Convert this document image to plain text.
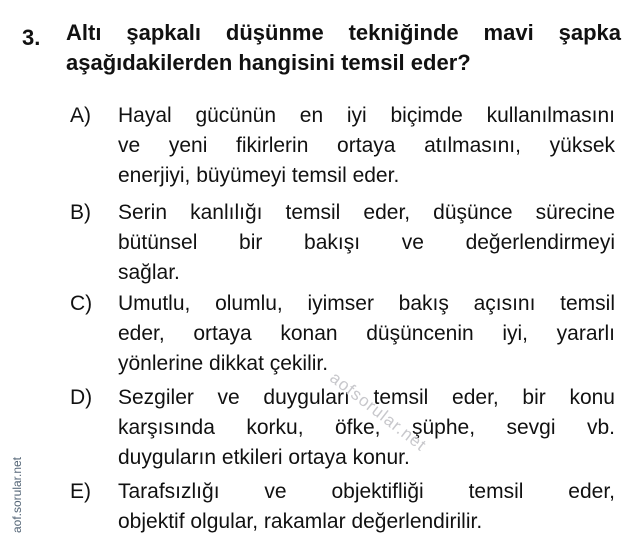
3. Altı şapkalı düşünme tekniğinde mavi şapka
aşağıdakilerden hangisini temsil eder?
A) Hayal gücünün en iyi biçimde kullanılmasını
ve yeni fikirlerin ortaya atılmasını, yüksek
enerjiyi, büyümeyi temsil eder.
B) Serin kanlılığı temsil eder, düşünce sürecine
bütünsel bir bakışı ve değerlendirmeyi
sağlar.
C) Umutlu, olumlu, iyimser bakış açısını temsil
eder, ortaya konan düşüncenin iyi, yararlı
yönlerine dikkat çekilir.
D) Sezgiler ve duyguları temsil eder, bir konu
karşısında korku, öfke, şüphe, sevgi vb.
duyguların etkileri ortaya konur.
E) Tarafsızlığı ve objektifliği temsil eder,
objektif olgular, rakamlar değerlendirilir.
aofsorular.net
aof.sorular.net
